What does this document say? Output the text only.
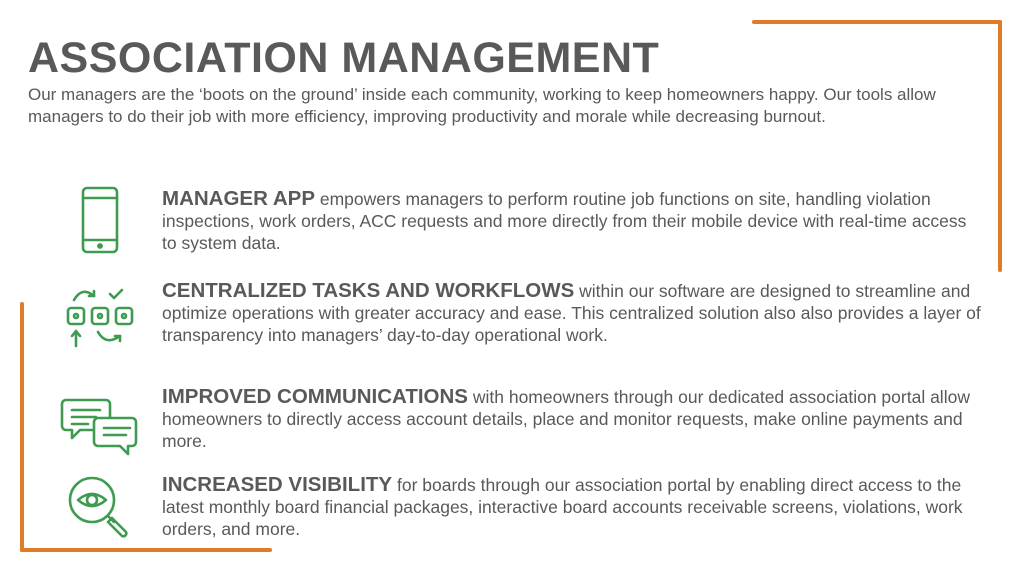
ASSOCIATION MANAGEMENT

Our managers are the ‘boots on the ground’ inside each community, working to keep homeowners happy. Our tools allow managers to do their job with more efficiency, improving productivity and morale while decreasing burnout.

MANAGER APP empowers managers to perform routine job functions on site, handling violation inspections, work orders, ACC requests and more directly from their mobile device with real-time access to system data.

CENTRALIZED TASKS AND WORKFLOWS within our software are designed to streamline and optimize operations with greater accuracy and ease. This centralized solution also also provides a layer of transparency into managers’ day-to-day operational work.

IMPROVED COMMUNICATIONS with homeowners through our dedicated association portal allow homeowners to directly access account details, place and monitor requests, make online payments and more.

INCREASED VISIBILITY for boards through our association portal by enabling direct access to the latest monthly board financial packages, interactive board accounts receivable screens, violations, work orders, and more.
